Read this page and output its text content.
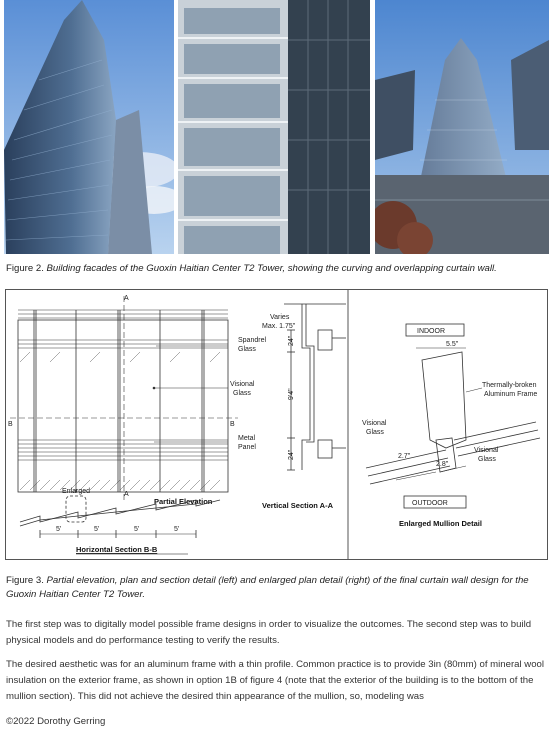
Figure 2. Building facades of the Guoxin Haitian Center T2 Tower, showing the curving and overlapping curtain wall.
A
A
B	B
Partial Elevation
Spandrel
Glass
Visional
Glass
Metal
Panel
Varies
Max. 1.75"
24"
9'4"
24"
Vertical Section A-A
Enlarged
5'	5'	5'	5'
Horizontal Section B-B
INDOOR
OUTDOOR
5.5"
Thermally-broken
Aluminum Frame
Visional
Glass
Visional
Glass
2.7"
2.8"
Enlarged Mullion Detail
Figure 3. Partial elevation, plan and section detail (left) and enlarged plan detail (right) of the final curtain wall design for the Guoxin Haitian Center T2 Tower.
The first step was to digitally model possible frame designs in order to visualize the outcomes. The second step was to build physical models and do performance testing to verify the results.
The desired aesthetic was for an aluminum frame with a thin profile. Common practice is to provide 3in (80mm) of mineral wool insulation on the exterior frame, as shown in option 1B of figure 4 (note that the exterior of the building is to the bottom of the mullion section). This did not achieve the desired thin appearance of the mullion, so, modeling was
©2022 Dorothy Gerring
